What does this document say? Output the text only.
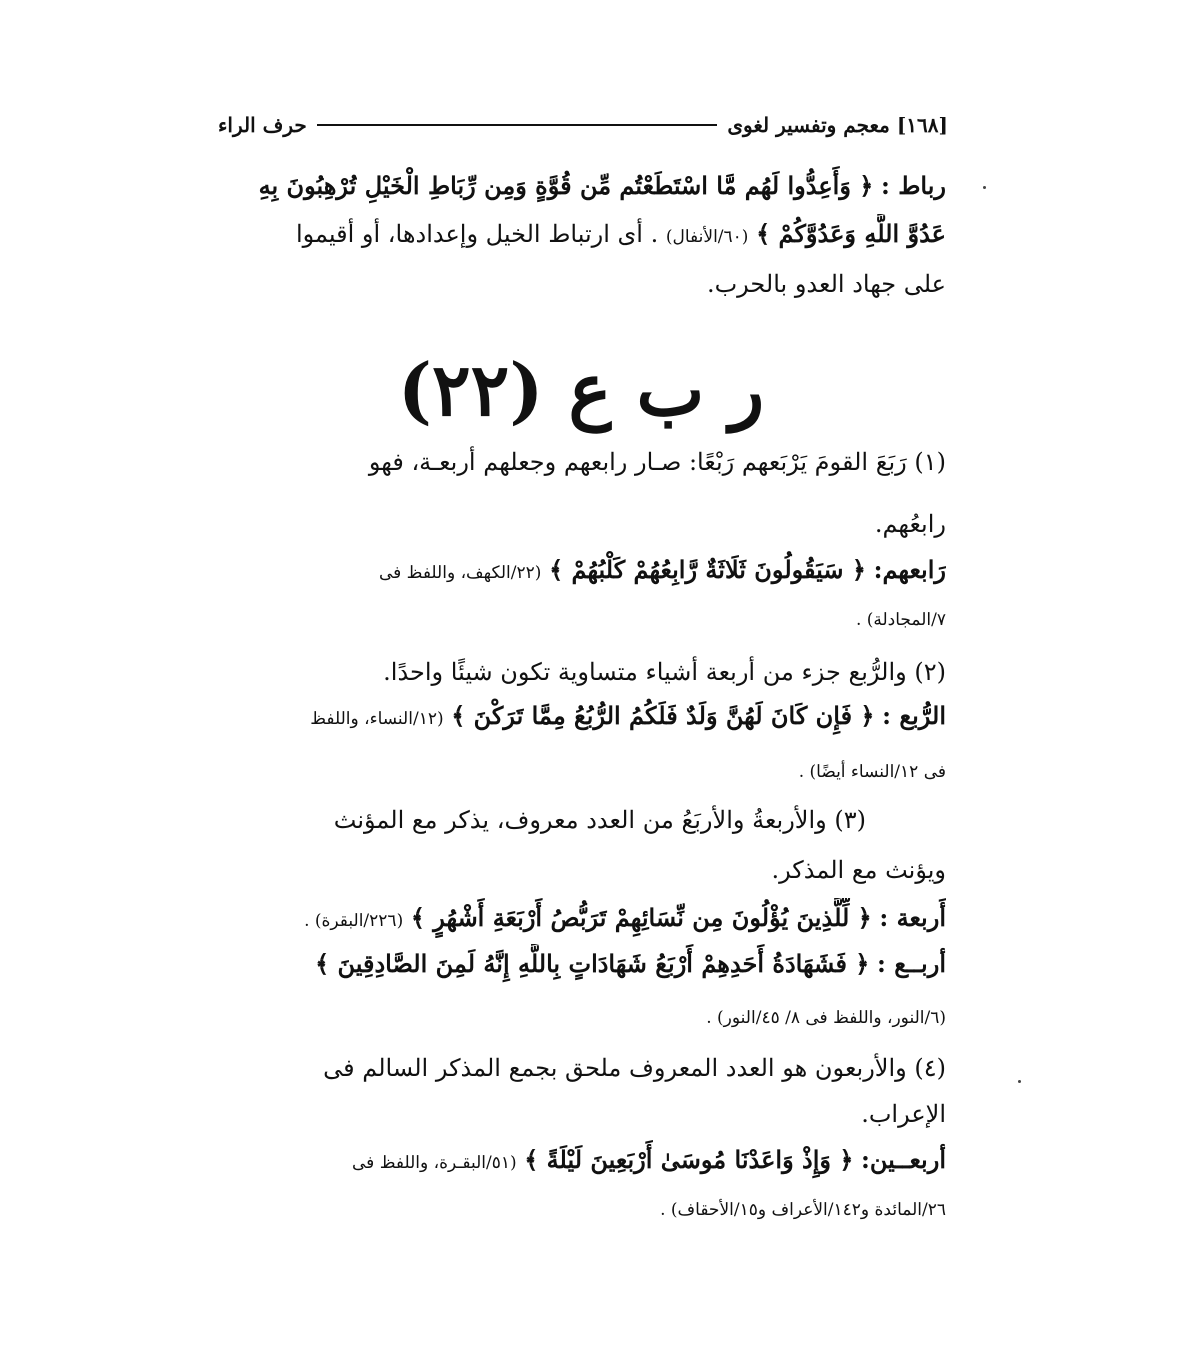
[١٦٨] معجم وتفسير لغوى
حرف الراء
رباط : ﴿ وَأَعِدُّوا لَهُم مَّا اسْتَطَعْتُم مِّن قُوَّةٍ وَمِن رِّبَاطِ الْخَيْلِ تُرْهِبُونَ بِهِ
عَدُوَّ اللَّهِ وَعَدُوَّكُمْ ﴾ (٦٠/الأنفال) . أى ارتباط الخيل وإعدادها، أو أقيموا
على جهاد العدو بالحرب.
ر ب ع (٢٢)
(١) رَبَعَ القومَ يَرْبَعهم رَبْعًا: صـار رابعهم وجعلهم أربعـة، فهو
رابعُهم.
رَابعهم: ﴿ سَيَقُولُونَ ثَلَاثَةٌ رَّابِعُهُمْ كَلْبُهُمْ ﴾ (٢٢/الكهف، واللفظ فى
٧/المجادلة) .
(٢) والرُّبع جزء من أربعة أشياء متساوية تكون شيئًا واحدًا.
الرُّبع : ﴿ فَإِن كَانَ لَهُنَّ وَلَدٌ فَلَكُمُ الرُّبُعُ مِمَّا تَرَكْنَ ﴾ (١٢/النساء، واللفظ
فى ١٢/النساء أيضًا) .
(٣) والأربعةُ والأربَعُ من العدد معروف، يذكر مع المؤنث
ويؤنث مع المذكر.
أَربعة : ﴿ لِّلَّذِينَ يُؤْلُونَ مِن نِّسَائِهِمْ تَرَبُّصُ أَرْبَعَةِ أَشْهُرٍ ﴾ (٢٢٦/البقرة) .
أربــع : ﴿ فَشَهَادَةُ أَحَدِهِمْ أَرْبَعُ شَهَادَاتٍ بِاللَّهِ إِنَّهُ لَمِنَ الصَّادِقِينَ ﴾
(٦/النور، واللفظ فى ٨/ ٤٥/النور) .
(٤) والأربعون هو العدد المعروف ملحق بجمع المذكر السالم فى
الإعراب.
أربعــين: ﴿ وَإِذْ وَاعَدْنَا مُوسَىٰ أَرْبَعِينَ لَيْلَةً ﴾ (٥١/البقـرة، واللفظ فى
٢٦/المائدة و١٤٢/الأعراف و١٥/الأحقاف) .
